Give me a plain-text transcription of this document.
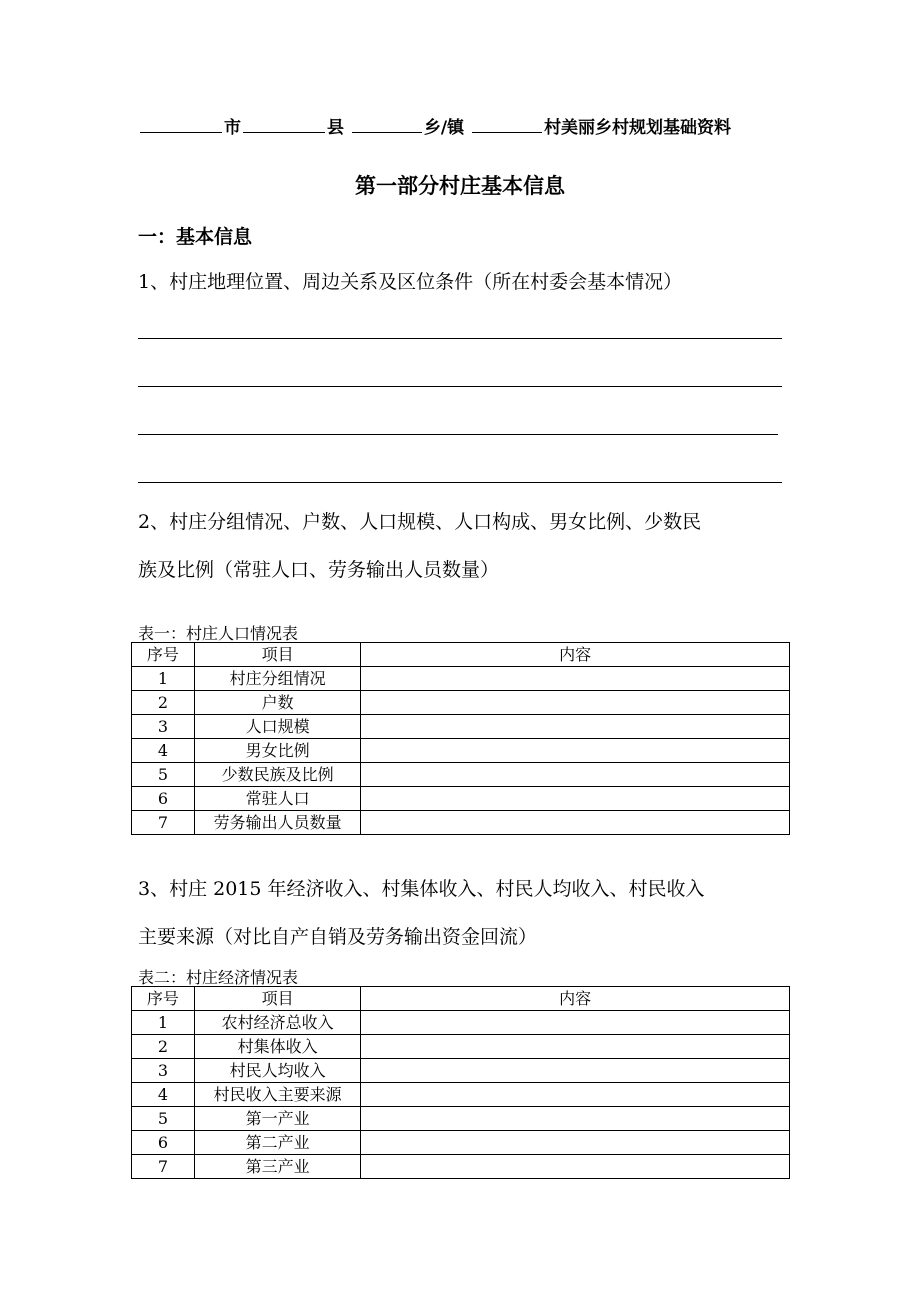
市	县	乡/镇	村美丽乡村规划基础资料
第一部分村庄基本信息
一：基本信息
1、村庄地理位置、周边关系及区位条件（所在村委会基本情况）
2、村庄分组情况、户数、人口规模、人口构成、男女比例、少数民
族及比例（常驻人口、劳务输出人员数量）
表一：村庄人口情况表
序号	项目	内容
1	村庄分组情况	
2	户数	
3	人口规模	
4	男女比例	
5	少数民族及比例	
6	常驻人口	
7	劳务输出人员数量	
3、村庄 2015 年经济收入、村集体收入、村民人均收入、村民收入
主要来源（对比自产自销及劳务输出资金回流）
表二：村庄经济情况表
序号	项目	内容
1	农村经济总收入	
2	村集体收入	
3	村民人均收入	
4	村民收入主要来源	
5	第一产业	
6	第二产业	
7	第三产业	
